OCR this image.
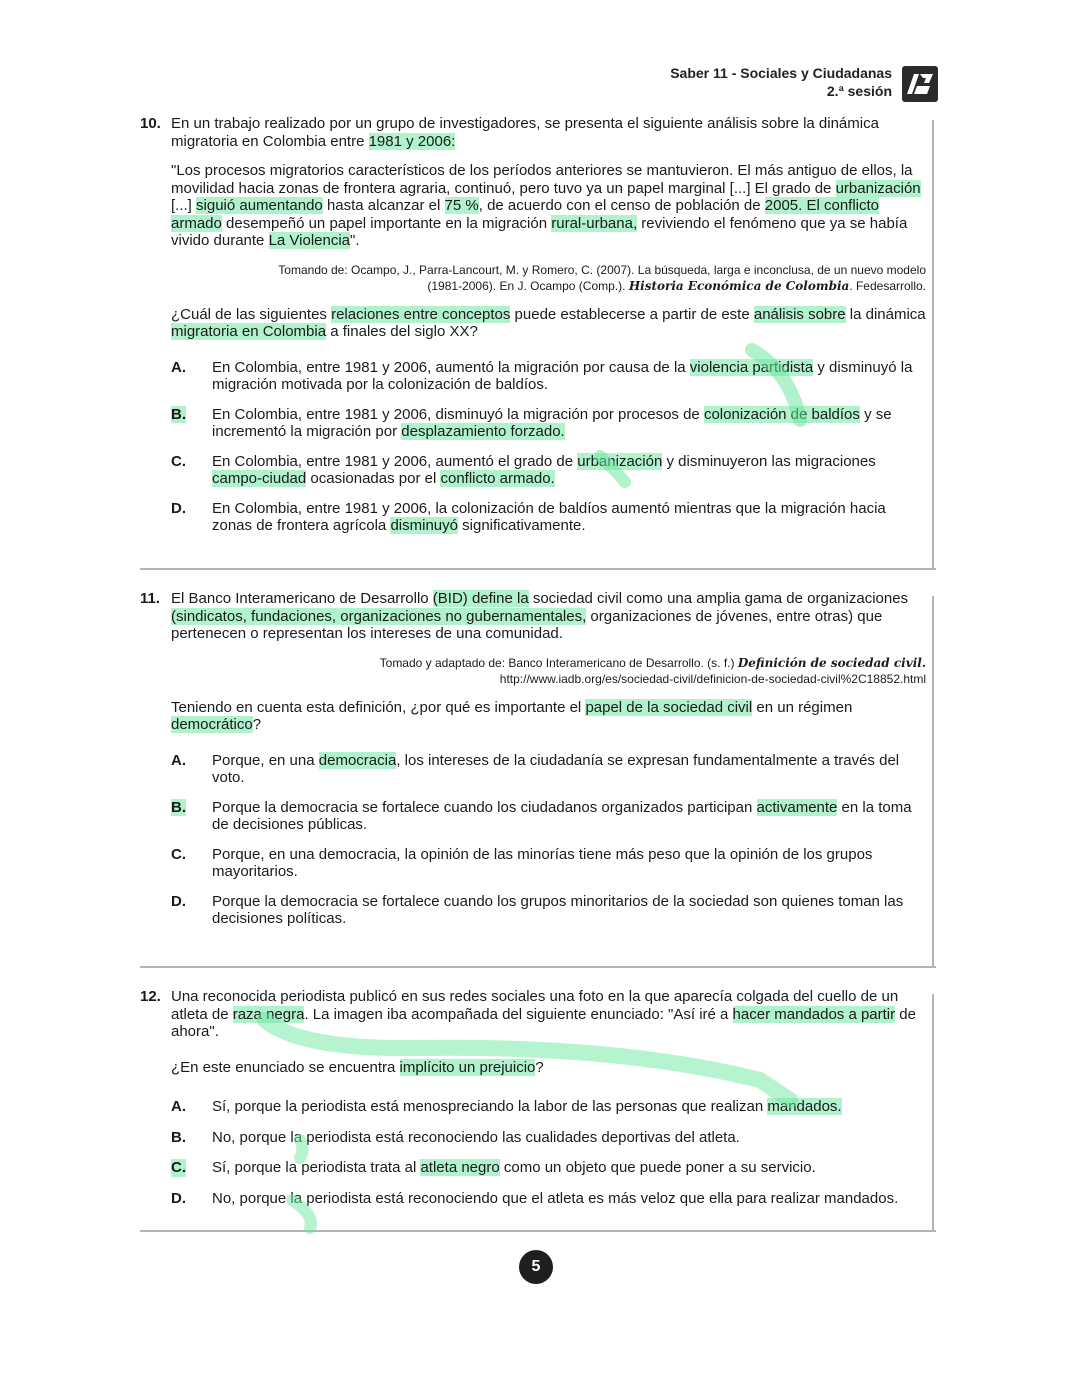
Saber 11 - Sociales y Ciudadanas
2.ª sesión
10. En un trabajo realizado por un grupo de investigadores, se presenta el siguiente análisis sobre la dinámica migratoria en Colombia entre 1981 y 2006:
"Los procesos migratorios característicos de los períodos anteriores se mantuvieron. El más antiguo de ellos, la movilidad hacia zonas de frontera agraria, continuó, pero tuvo ya un papel marginal [...] El grado de urbanización [...] siguió aumentando hasta alcanzar el 75 %, de acuerdo con el censo de población de 2005. El conflicto armado desempeñó un papel importante en la migración rural-urbana, reviviendo el fenómeno que ya se había vivido durante La Violencia".
Tomando de: Ocampo, J., Parra-Lancourt, M. y Romero, C. (2007). La búsqueda, larga e inconclusa, de un nuevo modelo
(1981-2006). En J. Ocampo (Comp.). Historia Económica de Colombia. Fedesarrollo.
¿Cuál de las siguientes relaciones entre conceptos puede establecerse a partir de este análisis sobre la dinámica migratoria en Colombia a finales del siglo XX?
A. En Colombia, entre 1981 y 2006, aumentó la migración por causa de la violencia partidista y disminuyó la migración motivada por la colonización de baldíos.
B. En Colombia, entre 1981 y 2006, disminuyó la migración por procesos de colonización de baldíos y se incrementó la migración por desplazamiento forzado.
C. En Colombia, entre 1981 y 2006, aumentó el grado de urbanización y disminuyeron las migraciones campo-ciudad ocasionadas por el conflicto armado.
D. En Colombia, entre 1981 y 2006, la colonización de baldíos aumentó mientras que la migración hacia zonas de frontera agrícola disminuyó significativamente.
11. El Banco Interamericano de Desarrollo (BID) define la sociedad civil como una amplia gama de organizaciones (sindicatos, fundaciones, organizaciones no gubernamentales, organizaciones de jóvenes, entre otras) que pertenecen o representan los intereses de una comunidad.
Tomado y adaptado de: Banco Interamericano de Desarrollo. (s. f.) Definición de sociedad civil.
http://www.iadb.org/es/sociedad-civil/definicion-de-sociedad-civil%2C18852.html
Teniendo en cuenta esta definición, ¿por qué es importante el papel de la sociedad civil en un régimen democrático?
A. Porque, en una democracia, los intereses de la ciudadanía se expresan fundamentalmente a través del voto.
B. Porque la democracia se fortalece cuando los ciudadanos organizados participan activamente en la toma de decisiones públicas.
C. Porque, en una democracia, la opinión de las minorías tiene más peso que la opinión de los grupos mayoritarios.
D. Porque la democracia se fortalece cuando los grupos minoritarios de la sociedad son quienes toman las decisiones políticas.
12. Una reconocida periodista publicó en sus redes sociales una foto en la que aparecía colgada del cuello de un atleta de raza negra. La imagen iba acompañada del siguiente enunciado: "Así iré a hacer mandados a partir de ahora".
¿En este enunciado se encuentra implícito un prejuicio?
A. Sí, porque la periodista está menospreciando la labor de las personas que realizan mandados.
B. No, porque la periodista está reconociendo las cualidades deportivas del atleta.
C. Sí, porque la periodista trata al atleta negro como un objeto que puede poner a su servicio.
D. No, porque la periodista está reconociendo que el atleta es más veloz que ella para realizar mandados.
5
